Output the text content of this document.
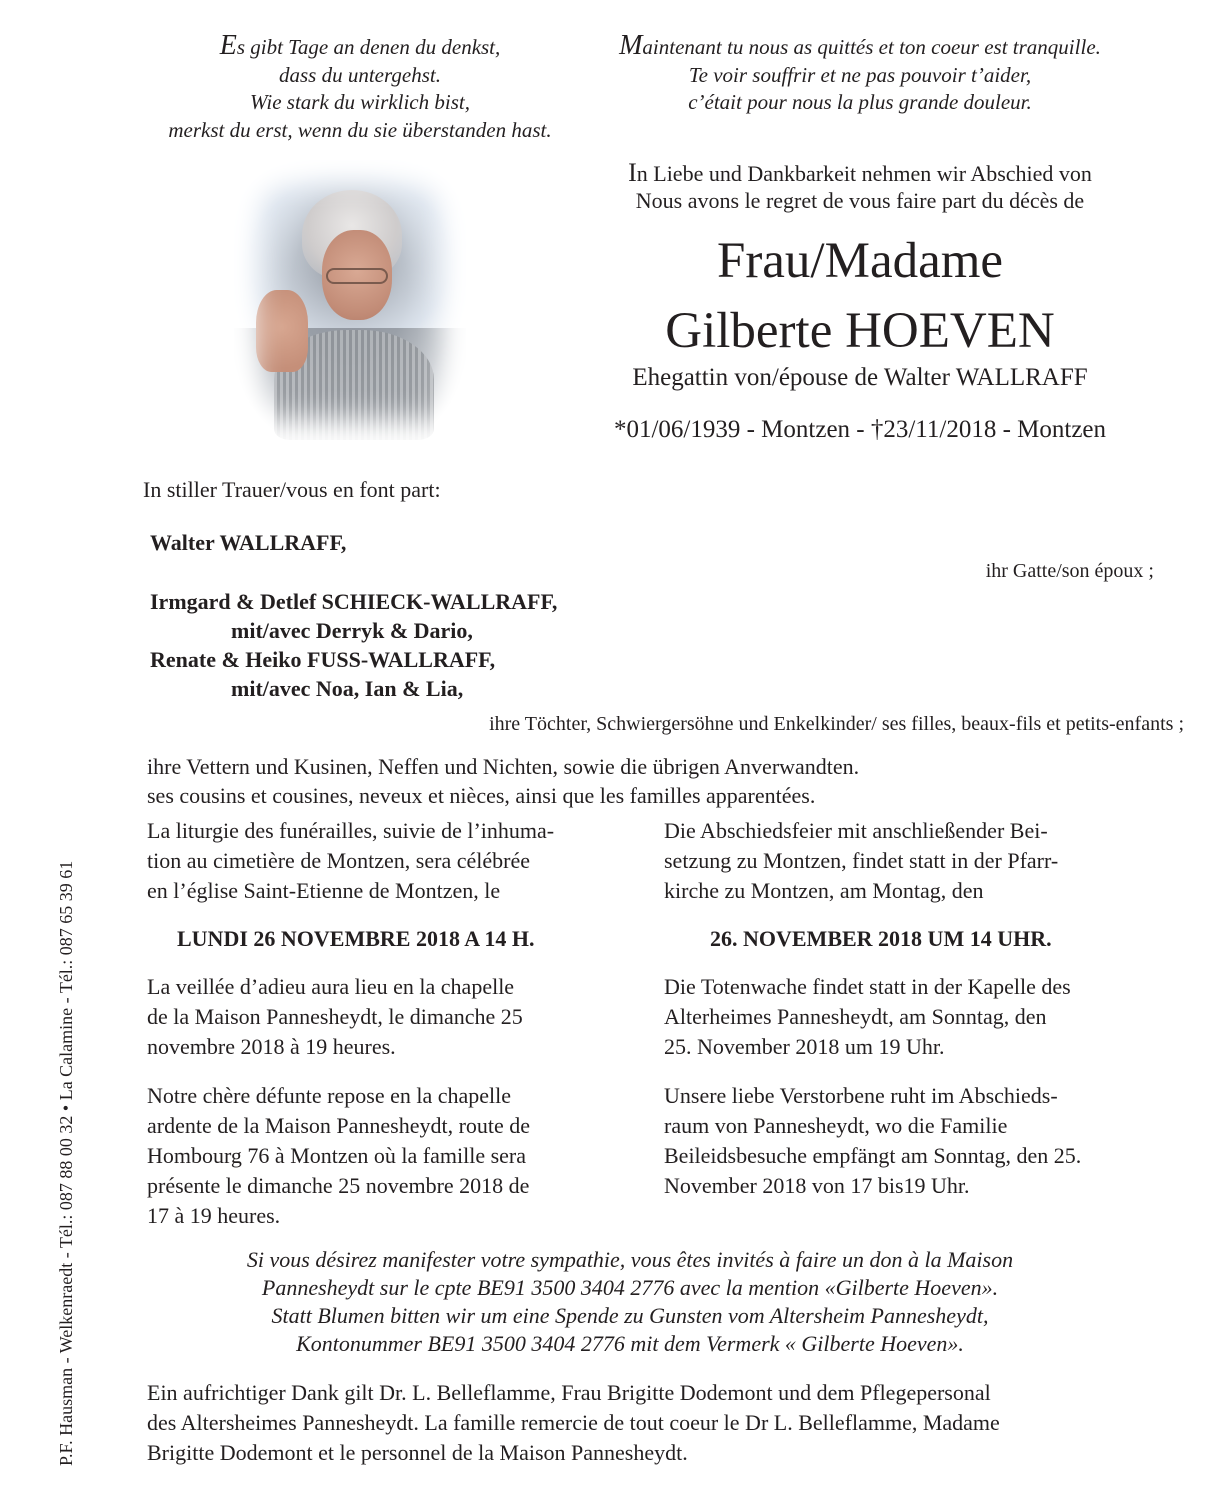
Es gibt Tage an denen du denkst,
dass du untergehst.
Wie stark du wirklich bist,
merkst du erst, wenn du sie überstanden hast.
Maintenant tu nous as quittés et ton coeur est tranquille.
Te voir souffrir et ne pas pouvoir t’aider,
c’était pour nous la plus grande douleur.
In Liebe und Dankbarkeit nehmen wir Abschied von
Nous avons le regret de vous faire part du décès de
Frau/Madame
Gilberte HOEVEN
Ehegattin von/épouse de Walter WALLRAFF
*01/06/1939 - Montzen - †23/11/2018 - Montzen
In stiller Trauer/vous en font part:
Walter WALLRAFF,
ihr Gatte/son époux ;
Irmgard & Detlef SCHIECK-WALLRAFF,
mit/avec Derryk & Dario,
Renate & Heiko FUSS-WALLRAFF,
mit/avec Noa, Ian & Lia,
ihre Töchter, Schwiergersöhne und Enkelkinder/ ses filles, beaux-fils et petits-enfants ;
ihre Vettern und Kusinen, Neffen und Nichten, sowie die übrigen Anverwandten.
ses cousins et cousines, neveux et nièces, ainsi que les familles apparentées.
La liturgie des funérailles, suivie de l’inhuma-
tion au cimetière de Montzen, sera célébrée
en l’église Saint-Etienne de Montzen, le
LUNDI 26 NOVEMBRE 2018 A 14 H.
La veillée d’adieu aura lieu en la chapelle
de la Maison Pannesheydt, le dimanche 25
novembre 2018 à 19 heures.
Notre chère défunte repose en la chapelle
ardente de la Maison Pannesheydt, route de
Hombourg 76 à Montzen où la famille sera
présente le dimanche 25 novembre 2018 de
17 à 19 heures.
Die Abschiedsfeier mit anschließender Bei-
setzung zu Montzen, findet statt in der Pfarr-
kirche zu Montzen, am Montag, den
26. NOVEMBER 2018 UM 14 UHR.
Die Totenwache findet statt in der Kapelle des
Alterheimes Pannesheydt, am Sonntag, den
25. November 2018 um 19 Uhr.
Unsere liebe Verstorbene ruht im Abschieds-
raum von Pannesheydt, wo die Familie
Beileidsbesuche empfängt am Sonntag, den 25.
November 2018 von 17 bis19 Uhr.
Si vous désirez manifester votre sympathie, vous êtes invités à faire un don à la Maison
Pannesheydt sur le cpte BE91 3500 3404 2776 avec la mention «Gilberte Hoeven».
Statt Blumen bitten wir um eine Spende zu Gunsten vom Altersheim Pannesheydt,
Kontonummer BE91 3500 3404 2776 mit dem Vermerk « Gilberte Hoeven».
Ein aufrichtiger Dank gilt Dr. L. Belleflamme, Frau Brigitte Dodemont und dem Pflegepersonal
des Altersheimes Pannesheydt. La famille remercie de tout coeur le Dr L. Belleflamme, Madame
Brigitte Dodemont et le personnel de la Maison Pannesheydt.
P.F. Hausman - Welkenraedt - Tél.: 087 88 00 32 • La Calamine - Tél.: 087 65 39 61
